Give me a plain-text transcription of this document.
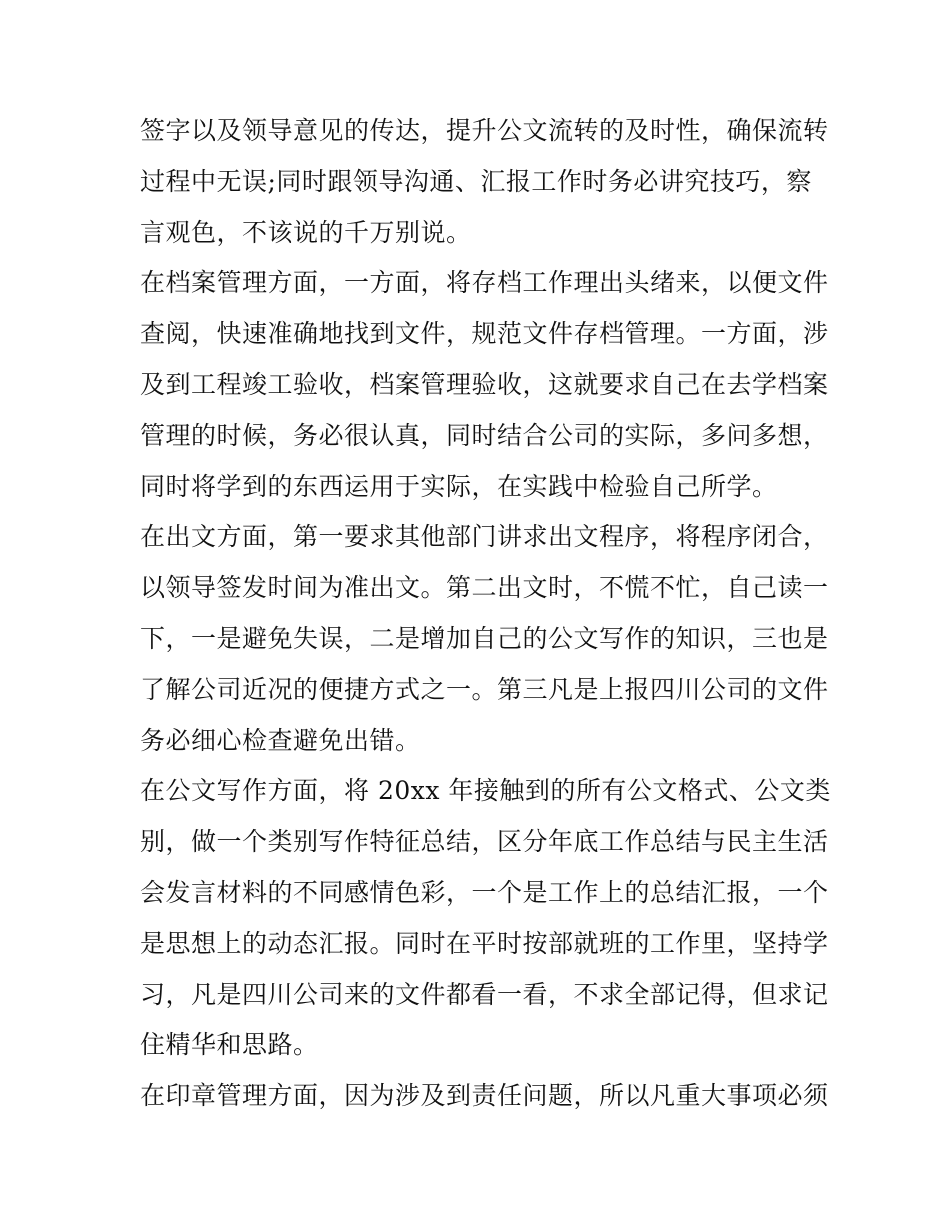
签字以及领导意见的传达，提升公文流转的及时性，确保流转
过程中无误;同时跟领导沟通、汇报工作时务必讲究技巧，察
言观色，不该说的千万别说。
在档案管理方面，一方面，将存档工作理出头绪来，以便文件
查阅，快速准确地找到文件，规范文件存档管理。一方面，涉
及到工程竣工验收，档案管理验收，这就要求自己在去学档案
管理的时候，务必很认真，同时结合公司的实际，多问多想，
同时将学到的东西运用于实际，在实践中检验自己所学。
在出文方面，第一要求其他部门讲求出文程序，将程序闭合，
以领导签发时间为准出文。第二出文时，不慌不忙，自己读一
下，一是避免失误，二是增加自己的公文写作的知识，三也是
了解公司近况的便捷方式之一。第三凡是上报四川公司的文件
务必细心检查避免出错。
在公文写作方面，将 20xx 年接触到的所有公文格式、公文类
别，做一个类别写作特征总结，区分年底工作总结与民主生活
会发言材料的不同感情色彩，一个是工作上的总结汇报，一个
是思想上的动态汇报。同时在平时按部就班的工作里，坚持学
习，凡是四川公司来的文件都看一看，不求全部记得，但求记
住精华和思路。
在印章管理方面，因为涉及到责任问题，所以凡重大事项必须
